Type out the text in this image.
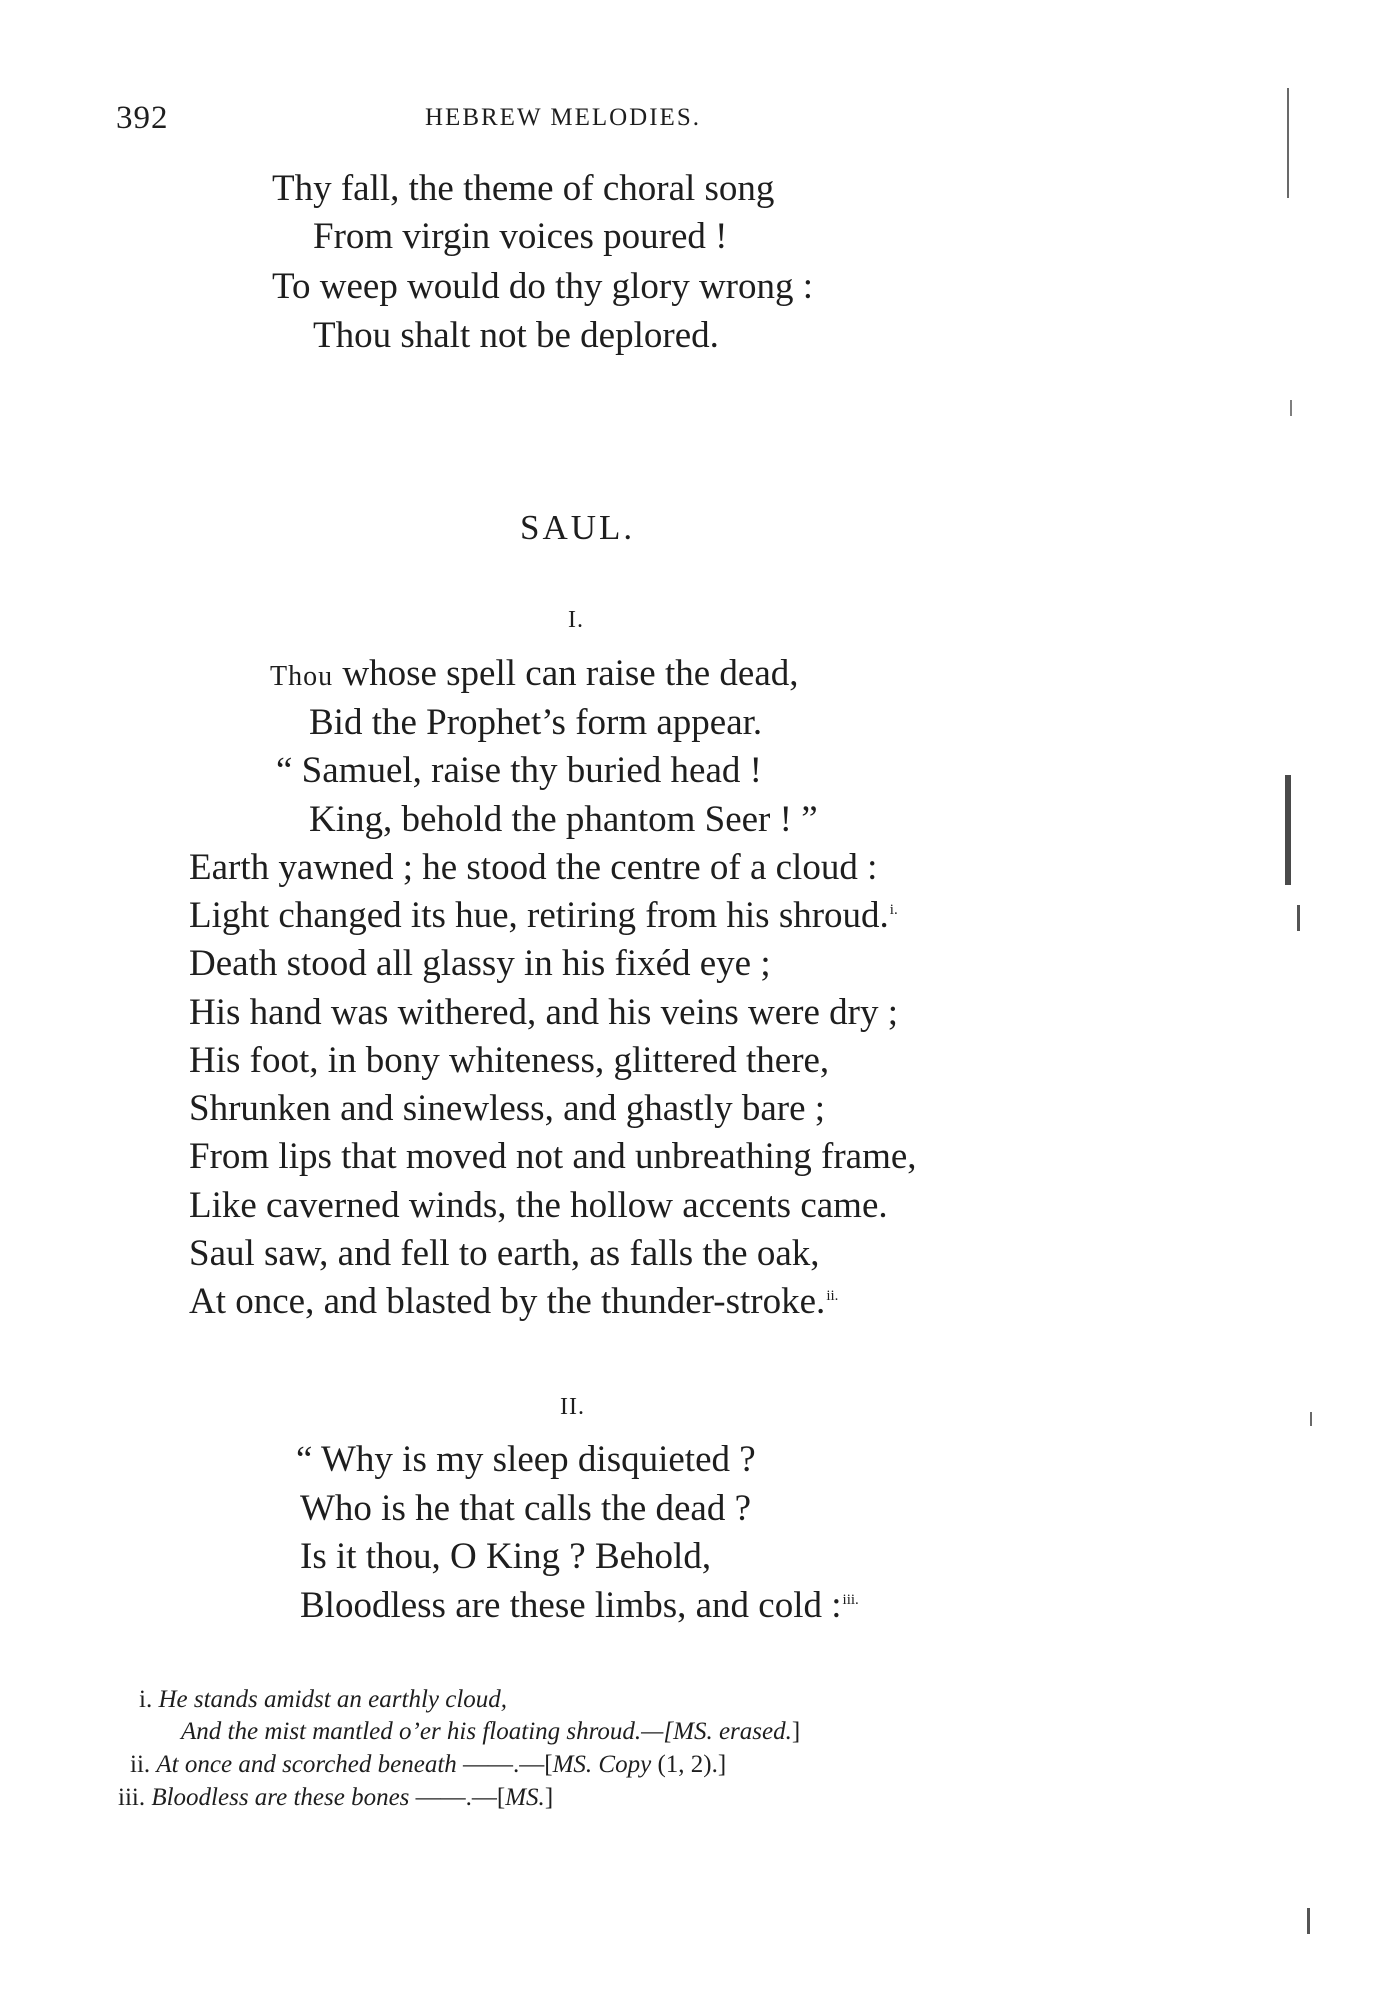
392	HEBREW MELODIES.
Thy fall, the theme of choral song
From virgin voices poured !
To weep would do thy glory wrong :
Thou shalt not be deplored.
SAUL.
I.
Thou whose spell can raise the dead,
Bid the Prophet’s form appear.
“ Samuel, raise thy buried head !
King, behold the phantom Seer ! ”
Earth yawned ; he stood the centre of a cloud :
Light changed its hue, retiring from his shroud.$^{i.}$
Death stood all glassy in his fixéd eye ;
His hand was withered, and his veins were dry ;
His foot, in bony whiteness, glittered there,
Shrunken and sinewless, and ghastly bare ;
From lips that moved not and unbreathing frame,
Like caverned winds, the hollow accents came.
Saul saw, and fell to earth, as falls the oak,
At once, and blasted by the thunder-stroke.$^{ii.}$
II.
“ Why is my sleep disquieted ?
Who is he that calls the dead ?
Is it thou, O King ? Behold,
Bloodless are these limbs, and cold :$^{iii.}$
i. He stands amidst an earthly cloud,
And the mist mantled o’er his floating shroud.—[MS. erased.]
ii. At once and scorched beneath ——.—[MS. Copy (1, 2).]
iii. Bloodless are these bones ——.—[MS.]
